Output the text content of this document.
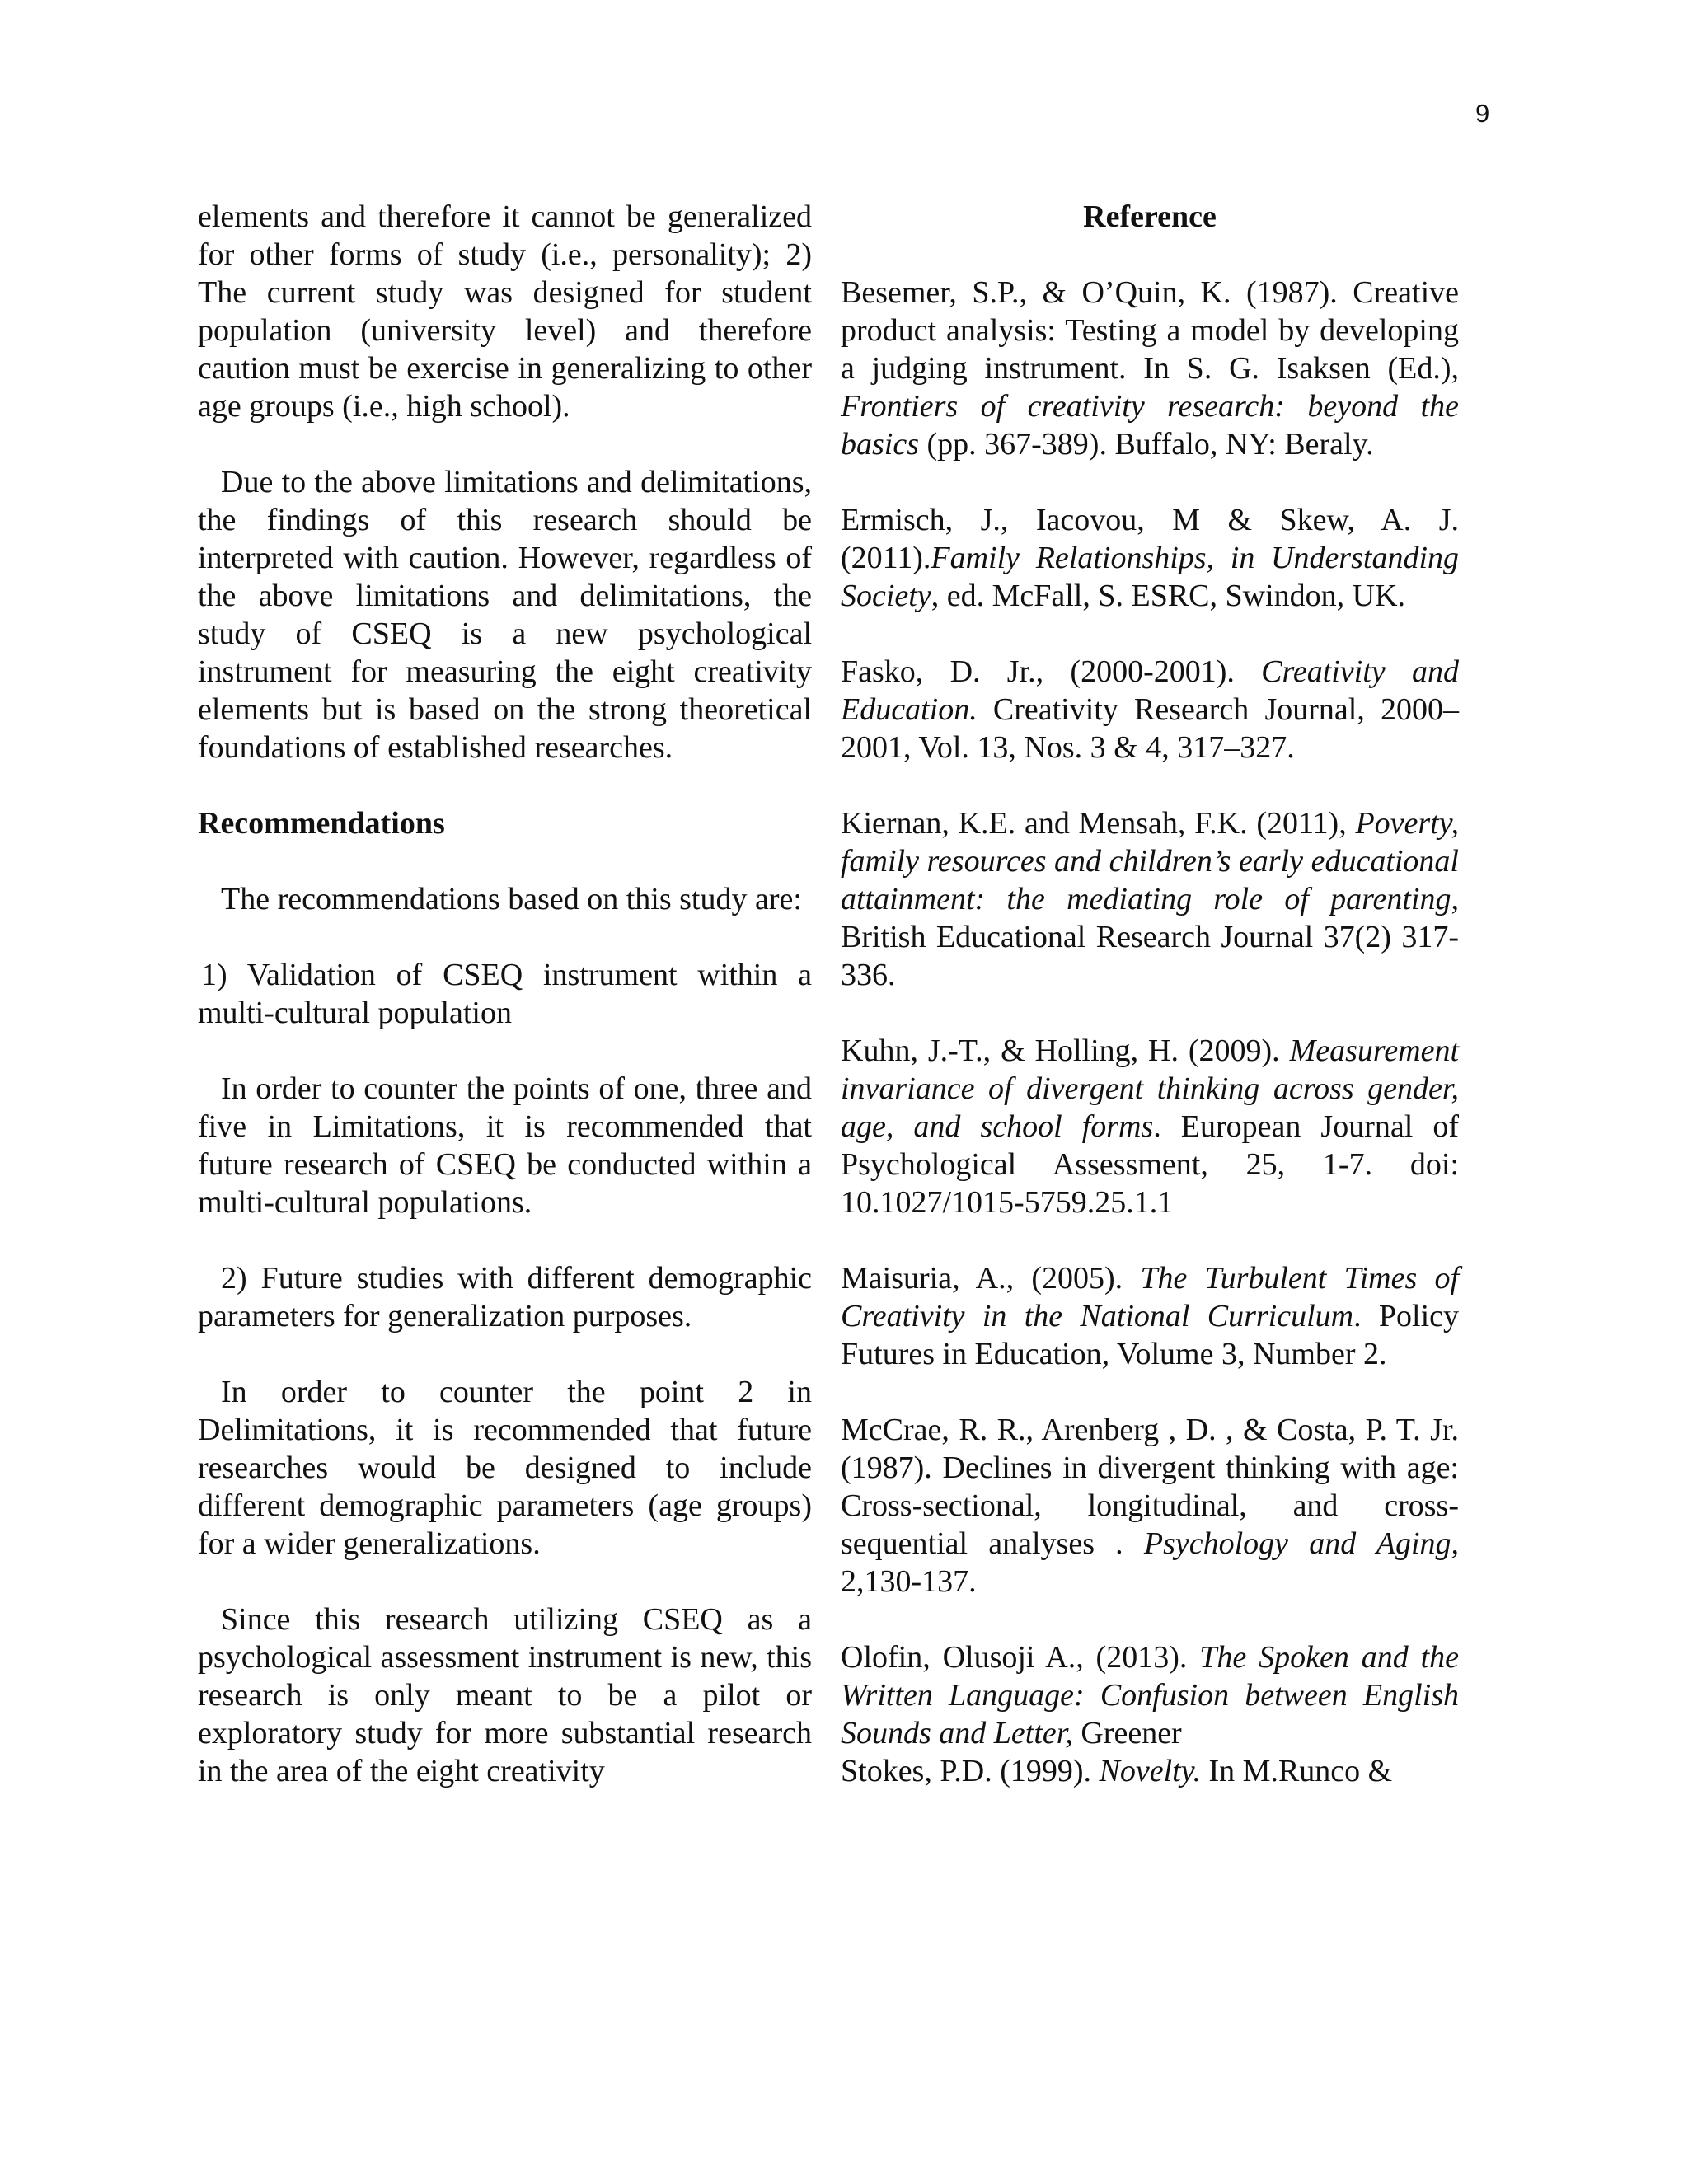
9

elements and therefore it cannot be generalized for other forms of study (i.e., personality); 2) The current study was designed for student population (university level) and therefore caution must be exercise in generalizing to other age groups (i.e., high school).

Due to the above limitations and delimitations, the findings of this research should be interpreted with caution. However, regardless of the above limitations and delimitations, the study of CSEQ is a new psychological instrument for measuring the eight creativity elements but is based on the strong theoretical foundations of established researches.

Recommendations

The recommendations based on this study are:

1) Validation of CSEQ instrument within a multi-cultural population

In order to counter the points of one, three and five in Limitations, it is recommended that future research of CSEQ be conducted within a multi-cultural populations.

2) Future studies with different demographic parameters for generalization purposes.

In order to counter the point 2 in Delimitations, it is recommended that future researches would be designed to include different demographic parameters (age groups) for a wider generalizations.

Since this research utilizing CSEQ as a psychological assessment instrument is new, this research is only meant to be a pilot or exploratory study for more substantial research in the area of the eight creativity

Reference

Besemer, S.P., & O’Quin, K. (1987). Creative product analysis: Testing a model by developing a judging instrument. In S. G. Isaksen (Ed.), Frontiers of creativity research: beyond the basics (pp. 367-389). Buffalo, NY: Beraly.

Ermisch, J., Iacovou, M & Skew, A. J. (2011).Family Relationships, in Understanding Society, ed. McFall, S. ESRC, Swindon, UK.

Fasko, D. Jr., (2000-2001). Creativity and Education. Creativity Research Journal, 2000–2001, Vol. 13, Nos. 3 & 4, 317–327.

Kiernan, K.E. and Mensah, F.K. (2011), Poverty, family resources and children’s early educational attainment: the mediating role of parenting, British Educational Research Journal 37(2) 317-336.

Kuhn, J.-T., & Holling, H. (2009). Measurement invariance of divergent thinking across gender, age, and school forms. European Journal of Psychological Assessment, 25, 1-7. doi: 10.1027/1015-5759.25.1.1

Maisuria, A., (2005). The Turbulent Times of Creativity in the National Curriculum. Policy Futures in Education, Volume 3, Number 2.

McCrae, R. R., Arenberg , D. , & Costa, P. T. Jr. (1987). Declines in divergent thinking with age: Cross-sectional, longitudinal, and cross-sequential analyses . Psychology and Aging, 2,130-137.

Olofin, Olusoji A., (2013). The Spoken and the Written Language: Confusion between English Sounds and Letter, Greener

Stokes, P.D. (1999). Novelty. In M.Runco &
